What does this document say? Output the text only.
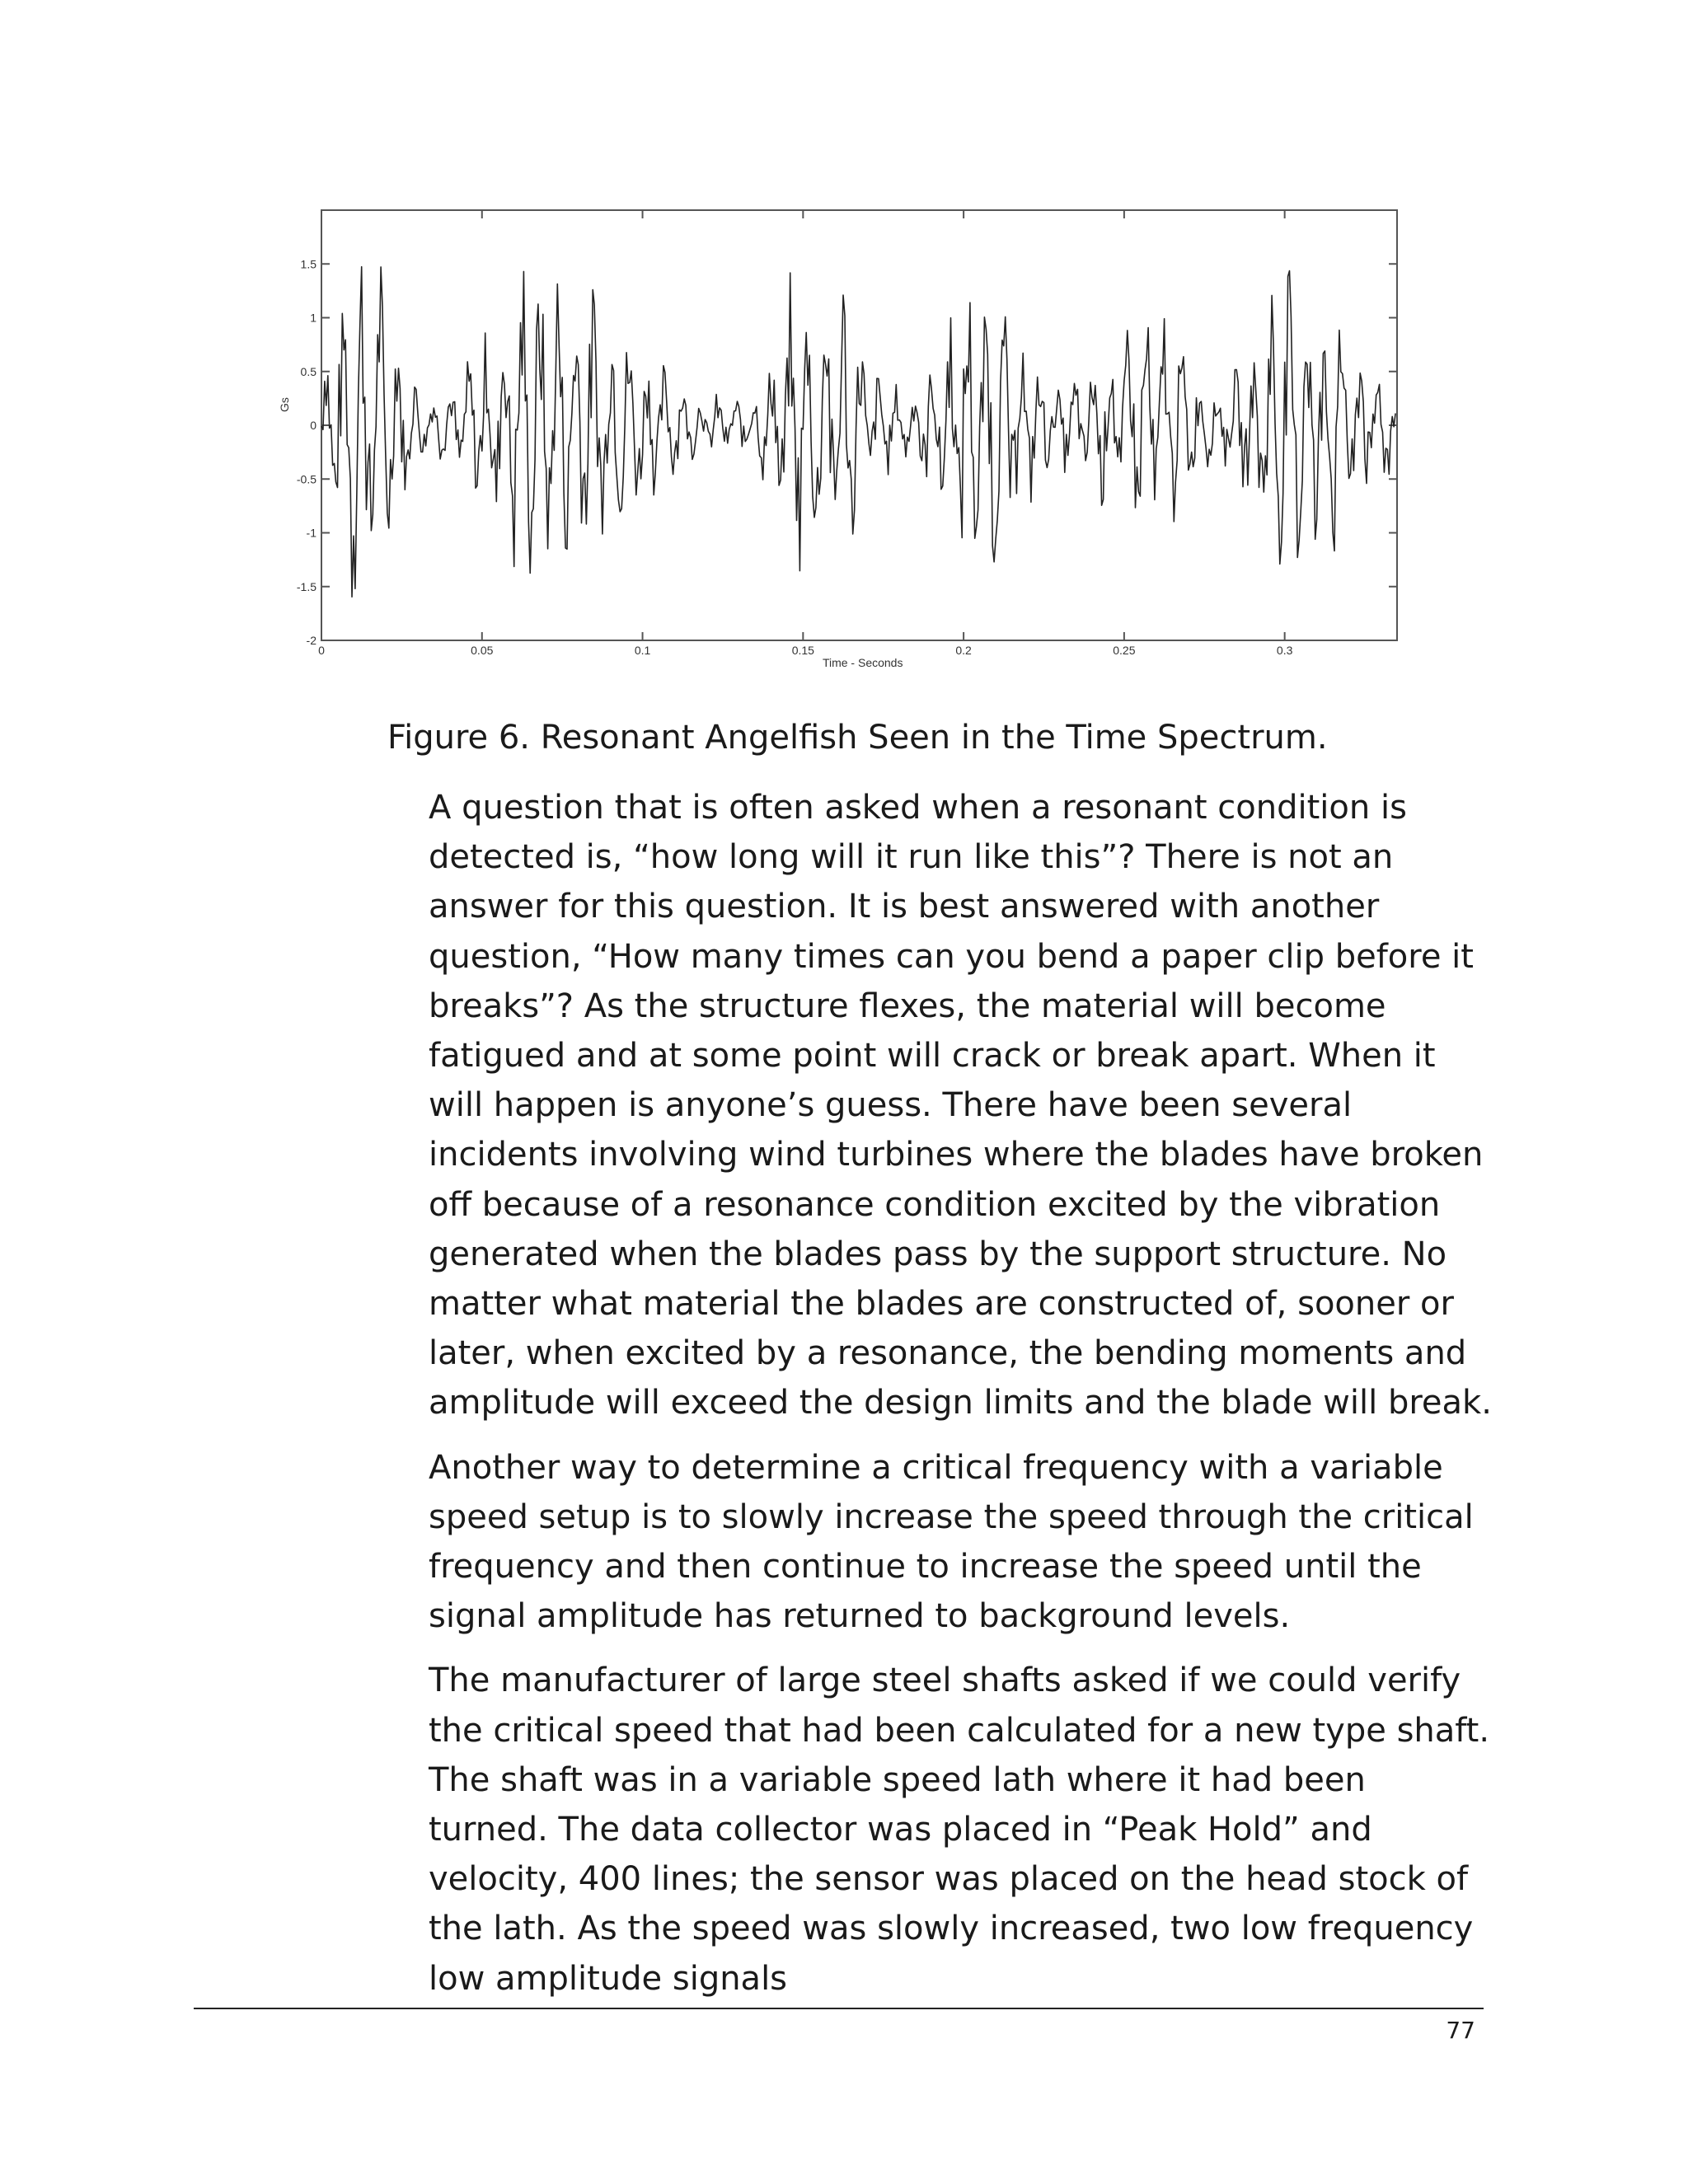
1.5
1
0.5
0
-0.5
-1
-1.5
-2
0	0.05	0.1	0.15	0.2	0.25	0.3
Time - Seconds
Gs

Figure 6. Resonant Angelfish Seen in the Time Spectrum.

A question that is often asked when a resonant condition is detected is, “how long will it run like this”? There is not an answer for this question. It is best answered with another question, “How many times can you bend a paper clip before it breaks”? As the structure flexes, the material will become fatigued and at some point will crack or break apart. When it will happen is anyone’s guess. There have been several incidents involving wind turbines where the blades have broken off because of a resonance condition excited by the vibration generated when the blades pass by the support structure. No matter what material the blades are constructed of, sooner or later, when excited by a resonance, the bending moments and amplitude will exceed the design limits and the blade will break.

Another way to determine a critical frequency with a variable speed setup is to slowly increase the speed through the critical frequency and then continue to increase the speed until the signal amplitude has returned to background levels.

The manufacturer of large steel shafts asked if we could verify the critical speed that had been calculated for a new type shaft. The shaft was in a variable speed lath where it had been turned. The data collector was placed in “Peak Hold” and velocity, 400 lines; the sensor was placed on the head stock of the lath. As the speed was slowly increased, two low frequency low amplitude signals

77
